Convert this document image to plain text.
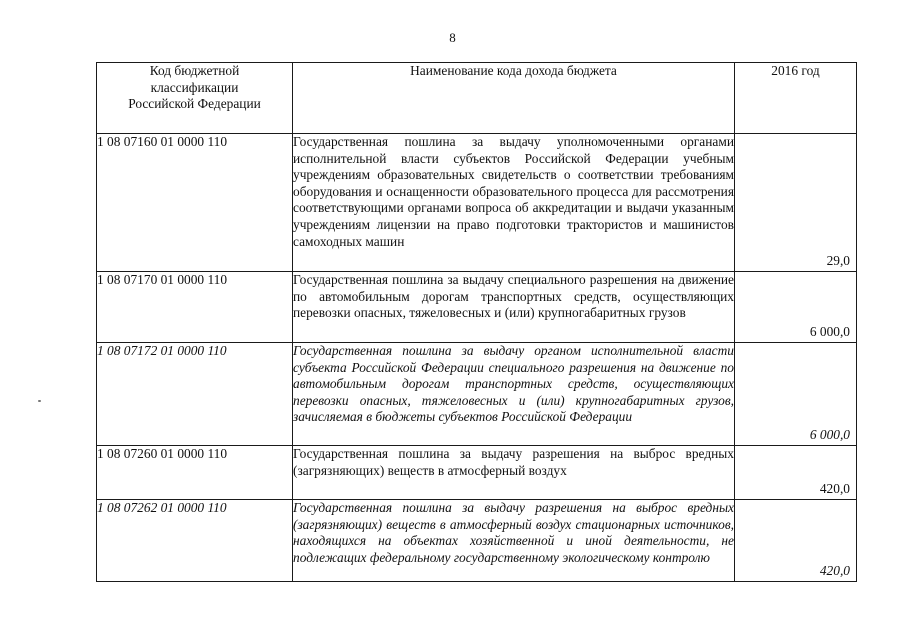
8
Код бюджетной
классификации
Российской Федерации	Наименование кода дохода бюджета	2016 год
1 08 07160 01 0000 110	Государственная пошлина за выдачу уполномоченными органами исполнительной власти субъектов Российской Федерации учебным учреждениям образовательных свидетельств о соответствии требованиям оборудования и оснащенности образовательного процесса для рассмотрения соответствующими органами вопроса об аккредитации и выдачи указанным учреждениям лицензии на право подготовки трактористов и машинистов самоходных машин	29,0
1 08 07170 01 0000 110	Государственная пошлина за выдачу специального разрешения на движение по автомобильным дорогам транспортных средств, осуществляющих перевозки опасных, тяжеловесных и (или) крупногабаритных грузов	6 000,0
1 08 07172 01 0000 110	Государственная пошлина за выдачу органом исполнительной власти субъекта Российской Федерации специального разрешения на движение по автомобильным дорогам транспортных средств, осуществляющих перевозки опасных, тяжеловесных и (или) крупногабаритных грузов, зачисляемая в бюджеты субъектов Российской Федерации	6 000,0
1 08 07260 01 0000 110	Государственная пошлина за выдачу разрешения на выброс вредных (загрязняющих) веществ в атмосферный воздух	420,0
1 08 07262 01 0000 110	Государственная пошлина за выдачу разрешения на выброс вредных (загрязняющих) веществ в атмосферный воздух стационарных источников, находящихся на объектах хозяйственной и иной деятельности, не подлежащих федеральному государственному экологическому контролю	420,0
